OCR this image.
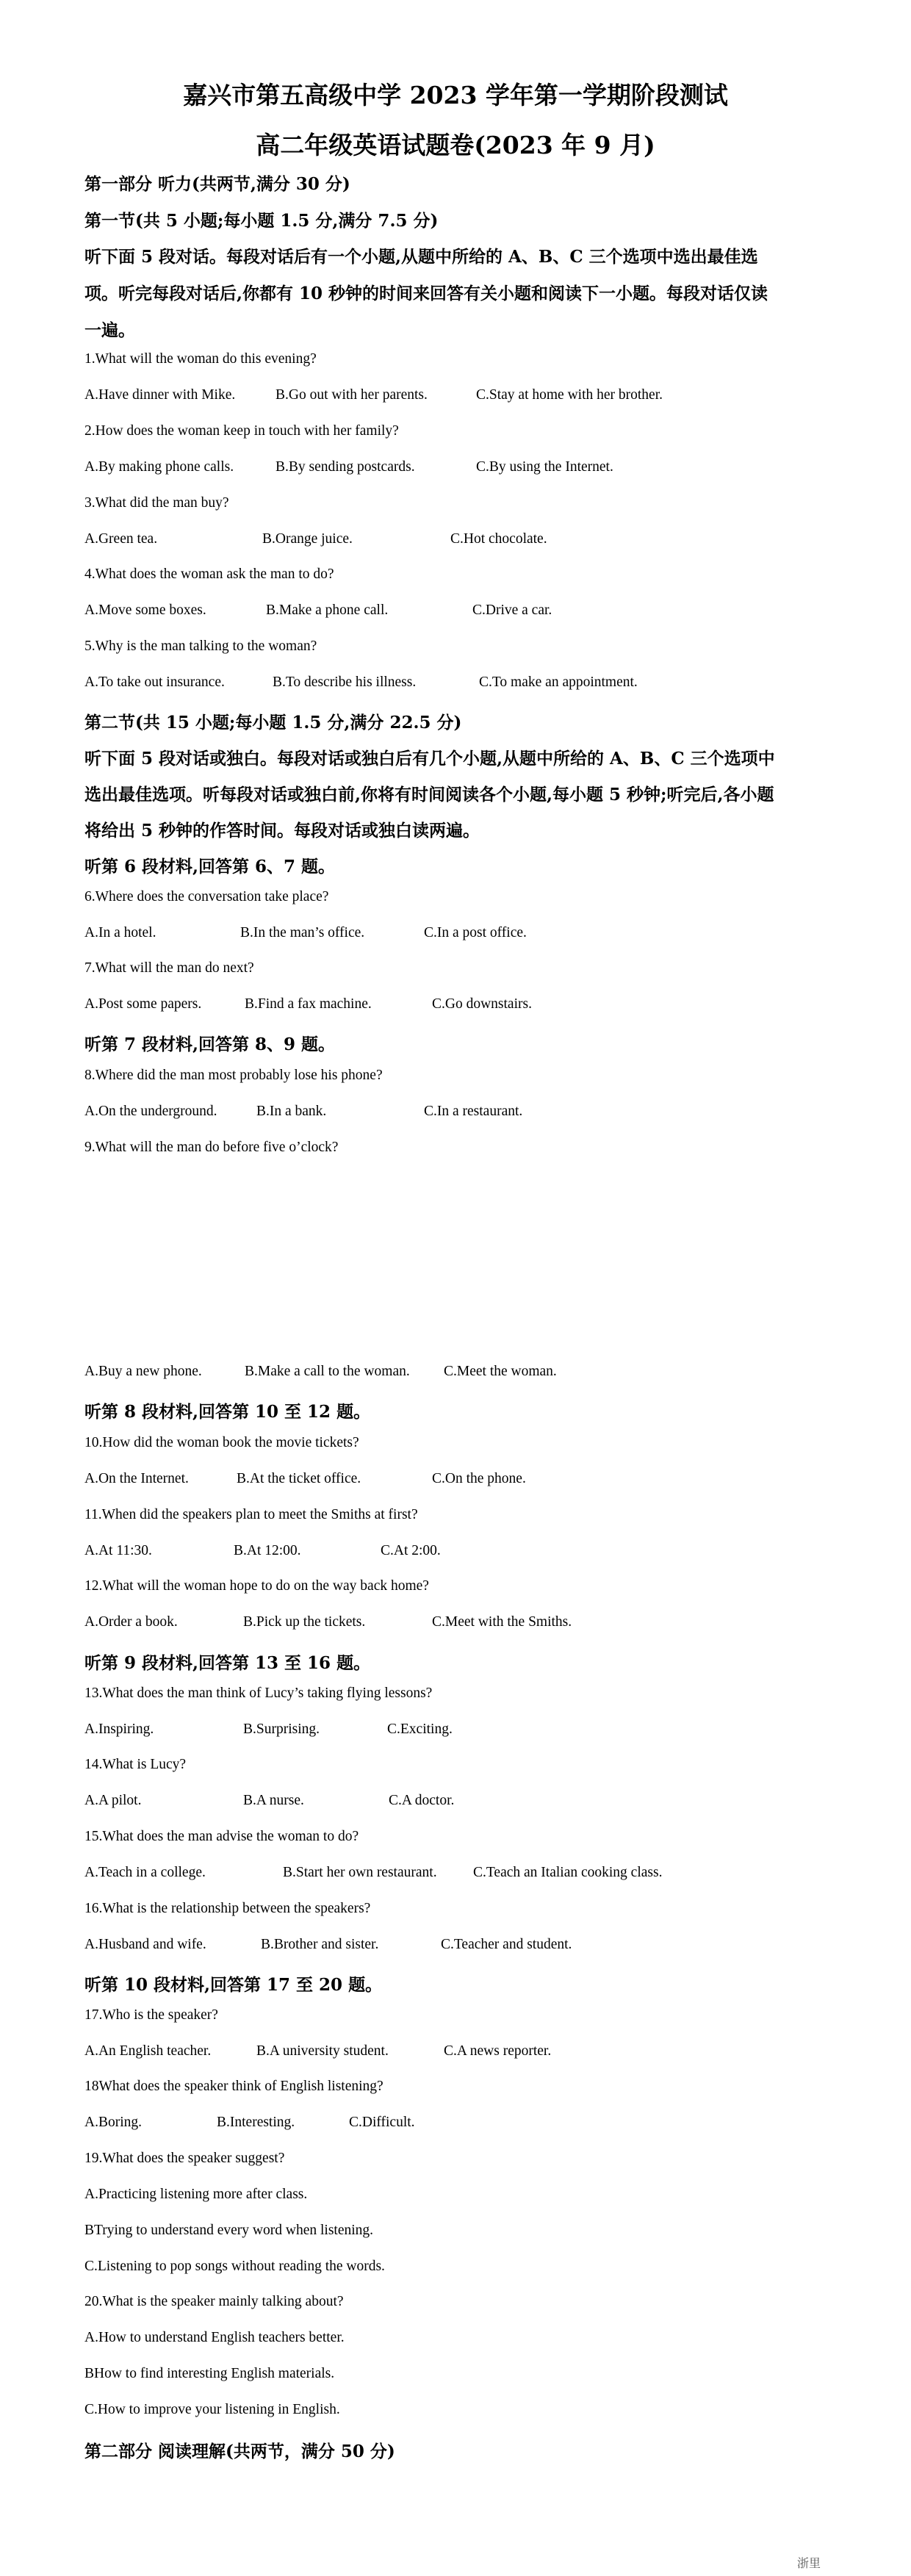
嘉兴市第五高级中学 2023 学年第一学期阶段测试
高二年级英语试题卷(2023 年 9 月)
第一部分 听力(共两节,满分 30 分)
第一节(共 5 小题;每小题 1.5 分,满分 7.5 分)
听下面 5 段对话。每段对话后有一个小题,从题中所给的 A、B、C 三个选项中选出最佳选
项。听完每段对话后,你都有 10 秒钟的时间来回答有关小题和阅读下一小题。每段对话仅读
一遍。
1.What will the woman do this evening?
A.Have dinner with Mike.	B.Go out with her parents.	C.Stay at home with her brother.
2.How does the woman keep in touch with her family?
A.By making phone calls.	B.By sending postcards.	C.By using the Internet.
3.What did the man buy?
A.Green tea.	B.Orange juice.	C.Hot chocolate.
4.What does the woman ask the man to do?
A.Move some boxes.	B.Make a phone call.	C.Drive a car.
5.Why is the man talking to the woman?
A.To take out insurance.	B.To describe his illness.	C.To make an appointment.
第二节(共 15 小题;每小题 1.5 分,满分 22.5 分)
听下面 5 段对话或独白。每段对话或独白后有几个小题,从题中所给的 A、B、C 三个选项中
选出最佳选项。听每段对话或独白前,你将有时间阅读各个小题,每小题 5 秒钟;听完后,各小题
将给出 5 秒钟的作答时间。每段对话或独白读两遍。
听第 6 段材料,回答第 6、7 题。
6.Where does the conversation take place?
A.In a hotel.	B.In the man’s office.	C.In a post office.
7.What will the man do next?
A.Post some papers.	B.Find a fax machine.	C.Go downstairs.
听第 7 段材料,回答第 8、9 题。
8.Where did the man most probably lose his phone?
A.On the underground.	B.In a bank.	C.In a restaurant.
9.What will the man do before five o’clock?
A.Buy a new phone.	B.Make a call to the woman. C.Meet the woman.
听第 8 段材料,回答第 10 至 12 题。
10.How did the woman book the movie tickets?
A.On the Internet.	B.At the ticket office.	C.On the phone.
11.When did the speakers plan to meet the Smiths at first?
A.At 11:30.	B.At 12:00.	C.At 2:00.
12.What will the woman hope to do on the way back home?
A.Order a book.	B.Pick up the tickets.	C.Meet with the Smiths.
听第 9 段材料,回答第 13 至 16 题。
13.What does the man think of Lucy’s taking flying lessons?
A.Inspiring.	B.Surprising.	C.Exciting.
14.What is Lucy?
A.A pilot.	B.A nurse.	C.A doctor.
15.What does the man advise the woman to do?
A.Teach in a college.	B.Start her own restaurant.	C.Teach an Italian cooking class.
16.What is the relationship between the speakers?
A.Husband and wife.	B.Brother and sister.	C.Teacher and student.
听第 10 段材料,回答第 17 至 20 题。
17.Who is the speaker?
A.An English teacher.	B.A university student.	C.A news reporter.
18What does the speaker think of English listening?
A.Boring.	B.Interesting.	C.Difficult.
19.What does the speaker suggest?
A.Practicing listening more after class.
BTrying to understand every word when listening.
C.Listening to pop songs without reading the words.
20.What is the speaker mainly talking about?
A.How to understand English teachers better.
BHow to find interesting English materials.
C.How to improve your listening in English.
第二部分 阅读理解(共两节，满分 50 分)
浙里
